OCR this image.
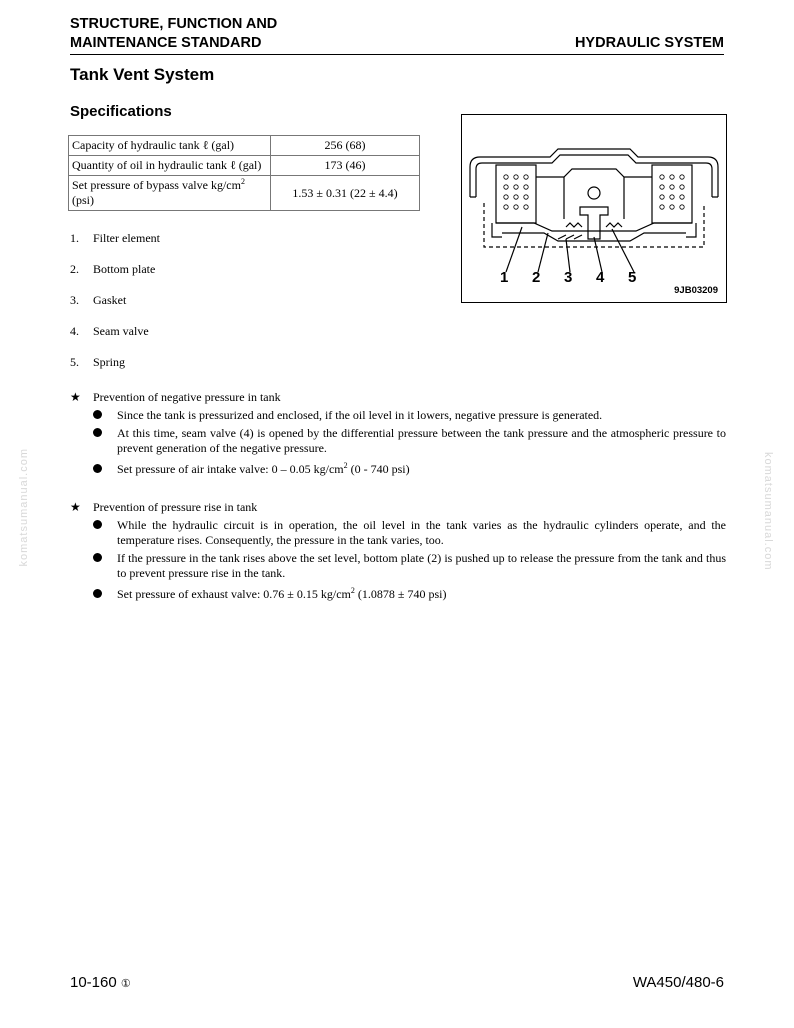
STRUCTURE, FUNCTION AND
MAINTENANCE STANDARD	HYDRAULIC SYSTEM
Tank Vent System
Specifications
Capacity of hydraulic tank ℓ (gal)	256 (68)
Quantity of oil in hydraulic tank ℓ (gal)	173 (46)
Set pressure of bypass valve $kg/cm^2$
(psi)	1.53 ± 0.31 (22 ± 4.4)
1. Filter element
2. Bottom plate
3. Gasket
4. Seam valve
5. Spring
1 2 3 4 5
9JB03209
★ Prevention of negative pressure in tank
Since the tank is pressurized and enclosed, if the oil level in it lowers, negative pressure is generated.
At this time, seam valve (4) is opened by the differential pressure between the tank pressure and the atmospheric pressure to prevent generation of the negative pressure.
Set pressure of air intake valve: 0 – 0.05 $kg/cm^2$ (0 - 740 psi)
★ Prevention of pressure rise in tank
While the hydraulic circuit is in operation, the oil level in the tank varies as the hydraulic cylinders operate, and the temperature rises. Consequently, the pressure in the tank varies, too.
If the pressure in the tank rises above the set level, bottom plate (2) is pushed up to release the pressure from the tank and thus to prevent pressure rise in the tank.
Set pressure of exhaust valve: 0.76 ± 0.15 $kg/cm^2$ (1.0878 ± 740 psi)
komatsumanual.com	komatsumanual.com
10-160 ①	WA450/480-6
